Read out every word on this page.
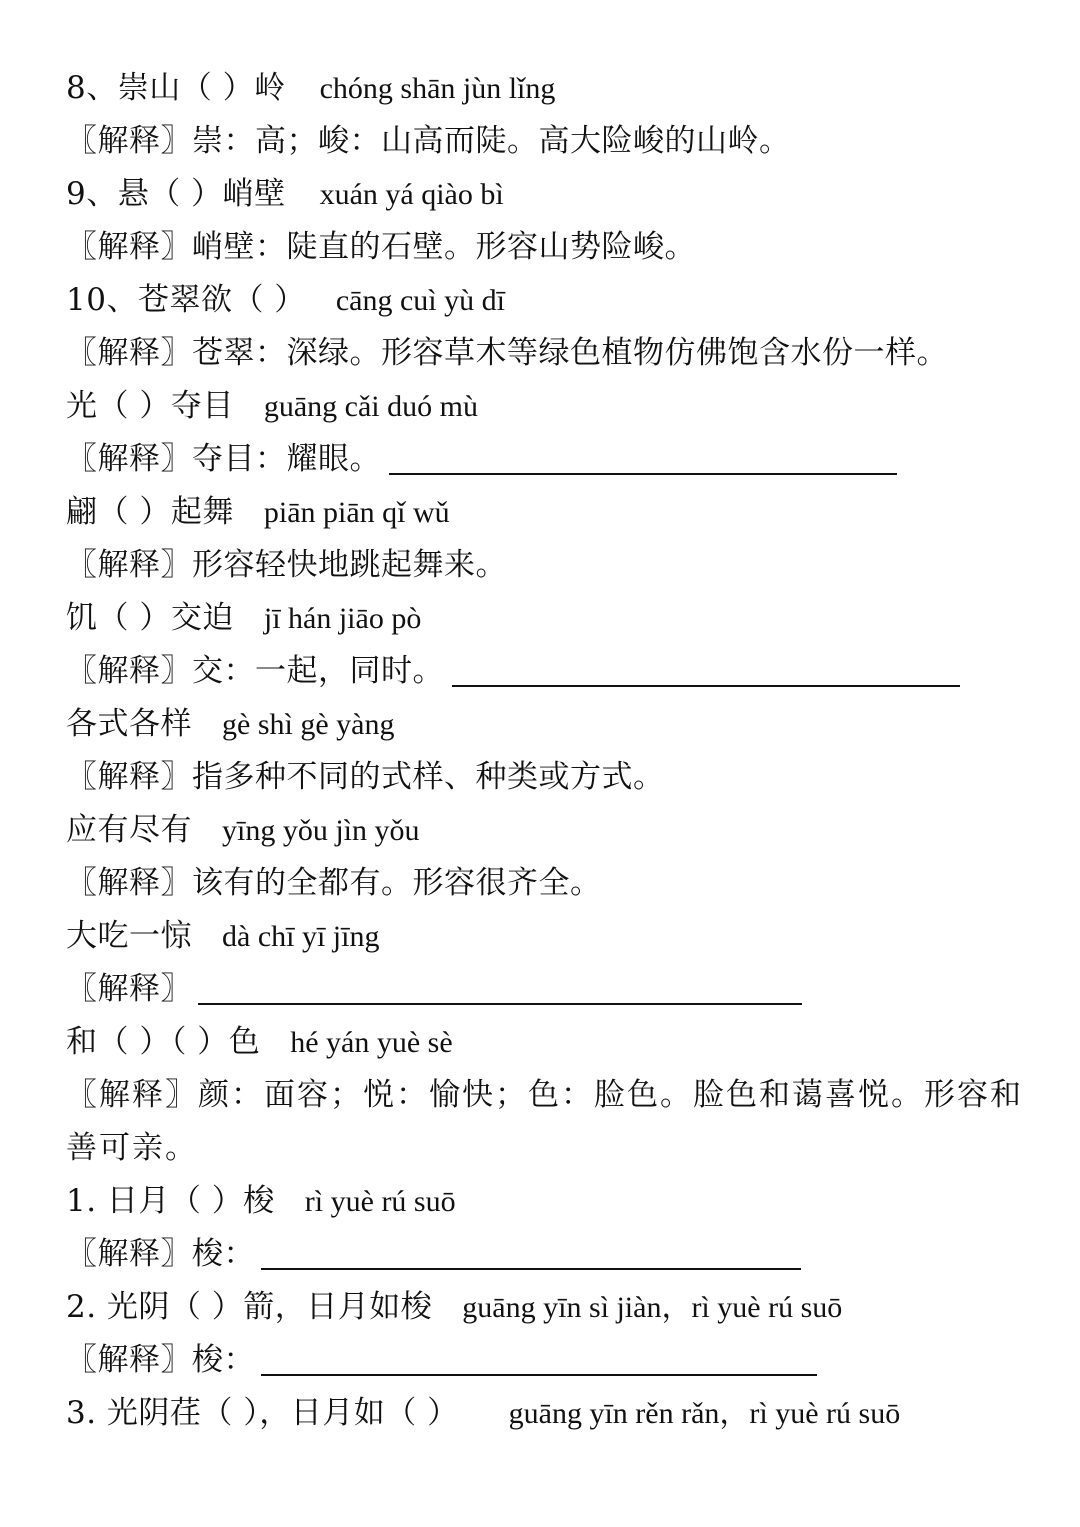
8、崇山（ ）岭 chóng shān jùn lǐng
〖解释〗崇：高；峻：山高而陡。高大险峻的山岭。
9、悬（ ）峭壁 xuán yá qiào bì
〖解释〗峭壁：陡直的石壁。形容山势险峻。
10、苍翠欲（ ） cāng cuì yù dī
〖解释〗苍翠：深绿。形容草木等绿色植物仿佛饱含水份一样。
光（ ）夺目 guāng cǎi duó mù
〖解释〗夺目：耀眼。
翩（ ）起舞 piān piān qǐ wǔ
〖解释〗形容轻快地跳起舞来。
饥（ ）交迫 jī hán jiāo pò
〖解释〗交：一起，同时。
各式各样 gè shì gè yàng
〖解释〗指多种不同的式样、种类或方式。
应有尽有 yīng yǒu jìn yǒu
〖解释〗该有的全都有。形容很齐全。
大吃一惊 dà chī yī jīng
〖解释〗
和（ ）（ ）色 hé yán yuè sè
〖解释〗颜：面容；悦：愉快；色：脸色。脸色和蔼喜悦。形容和善可亲。
1. 日月（ ）梭 rì yuè rú suō
〖解释〗梭：
2. 光阴（ ）箭，日月如梭 guāng yīn sì jiàn，rì yuè rú suō
〖解释〗梭：
3. 光阴荏（ ），日月如（ ） guāng yīn rěn rǎn，rì yuè rú suō
